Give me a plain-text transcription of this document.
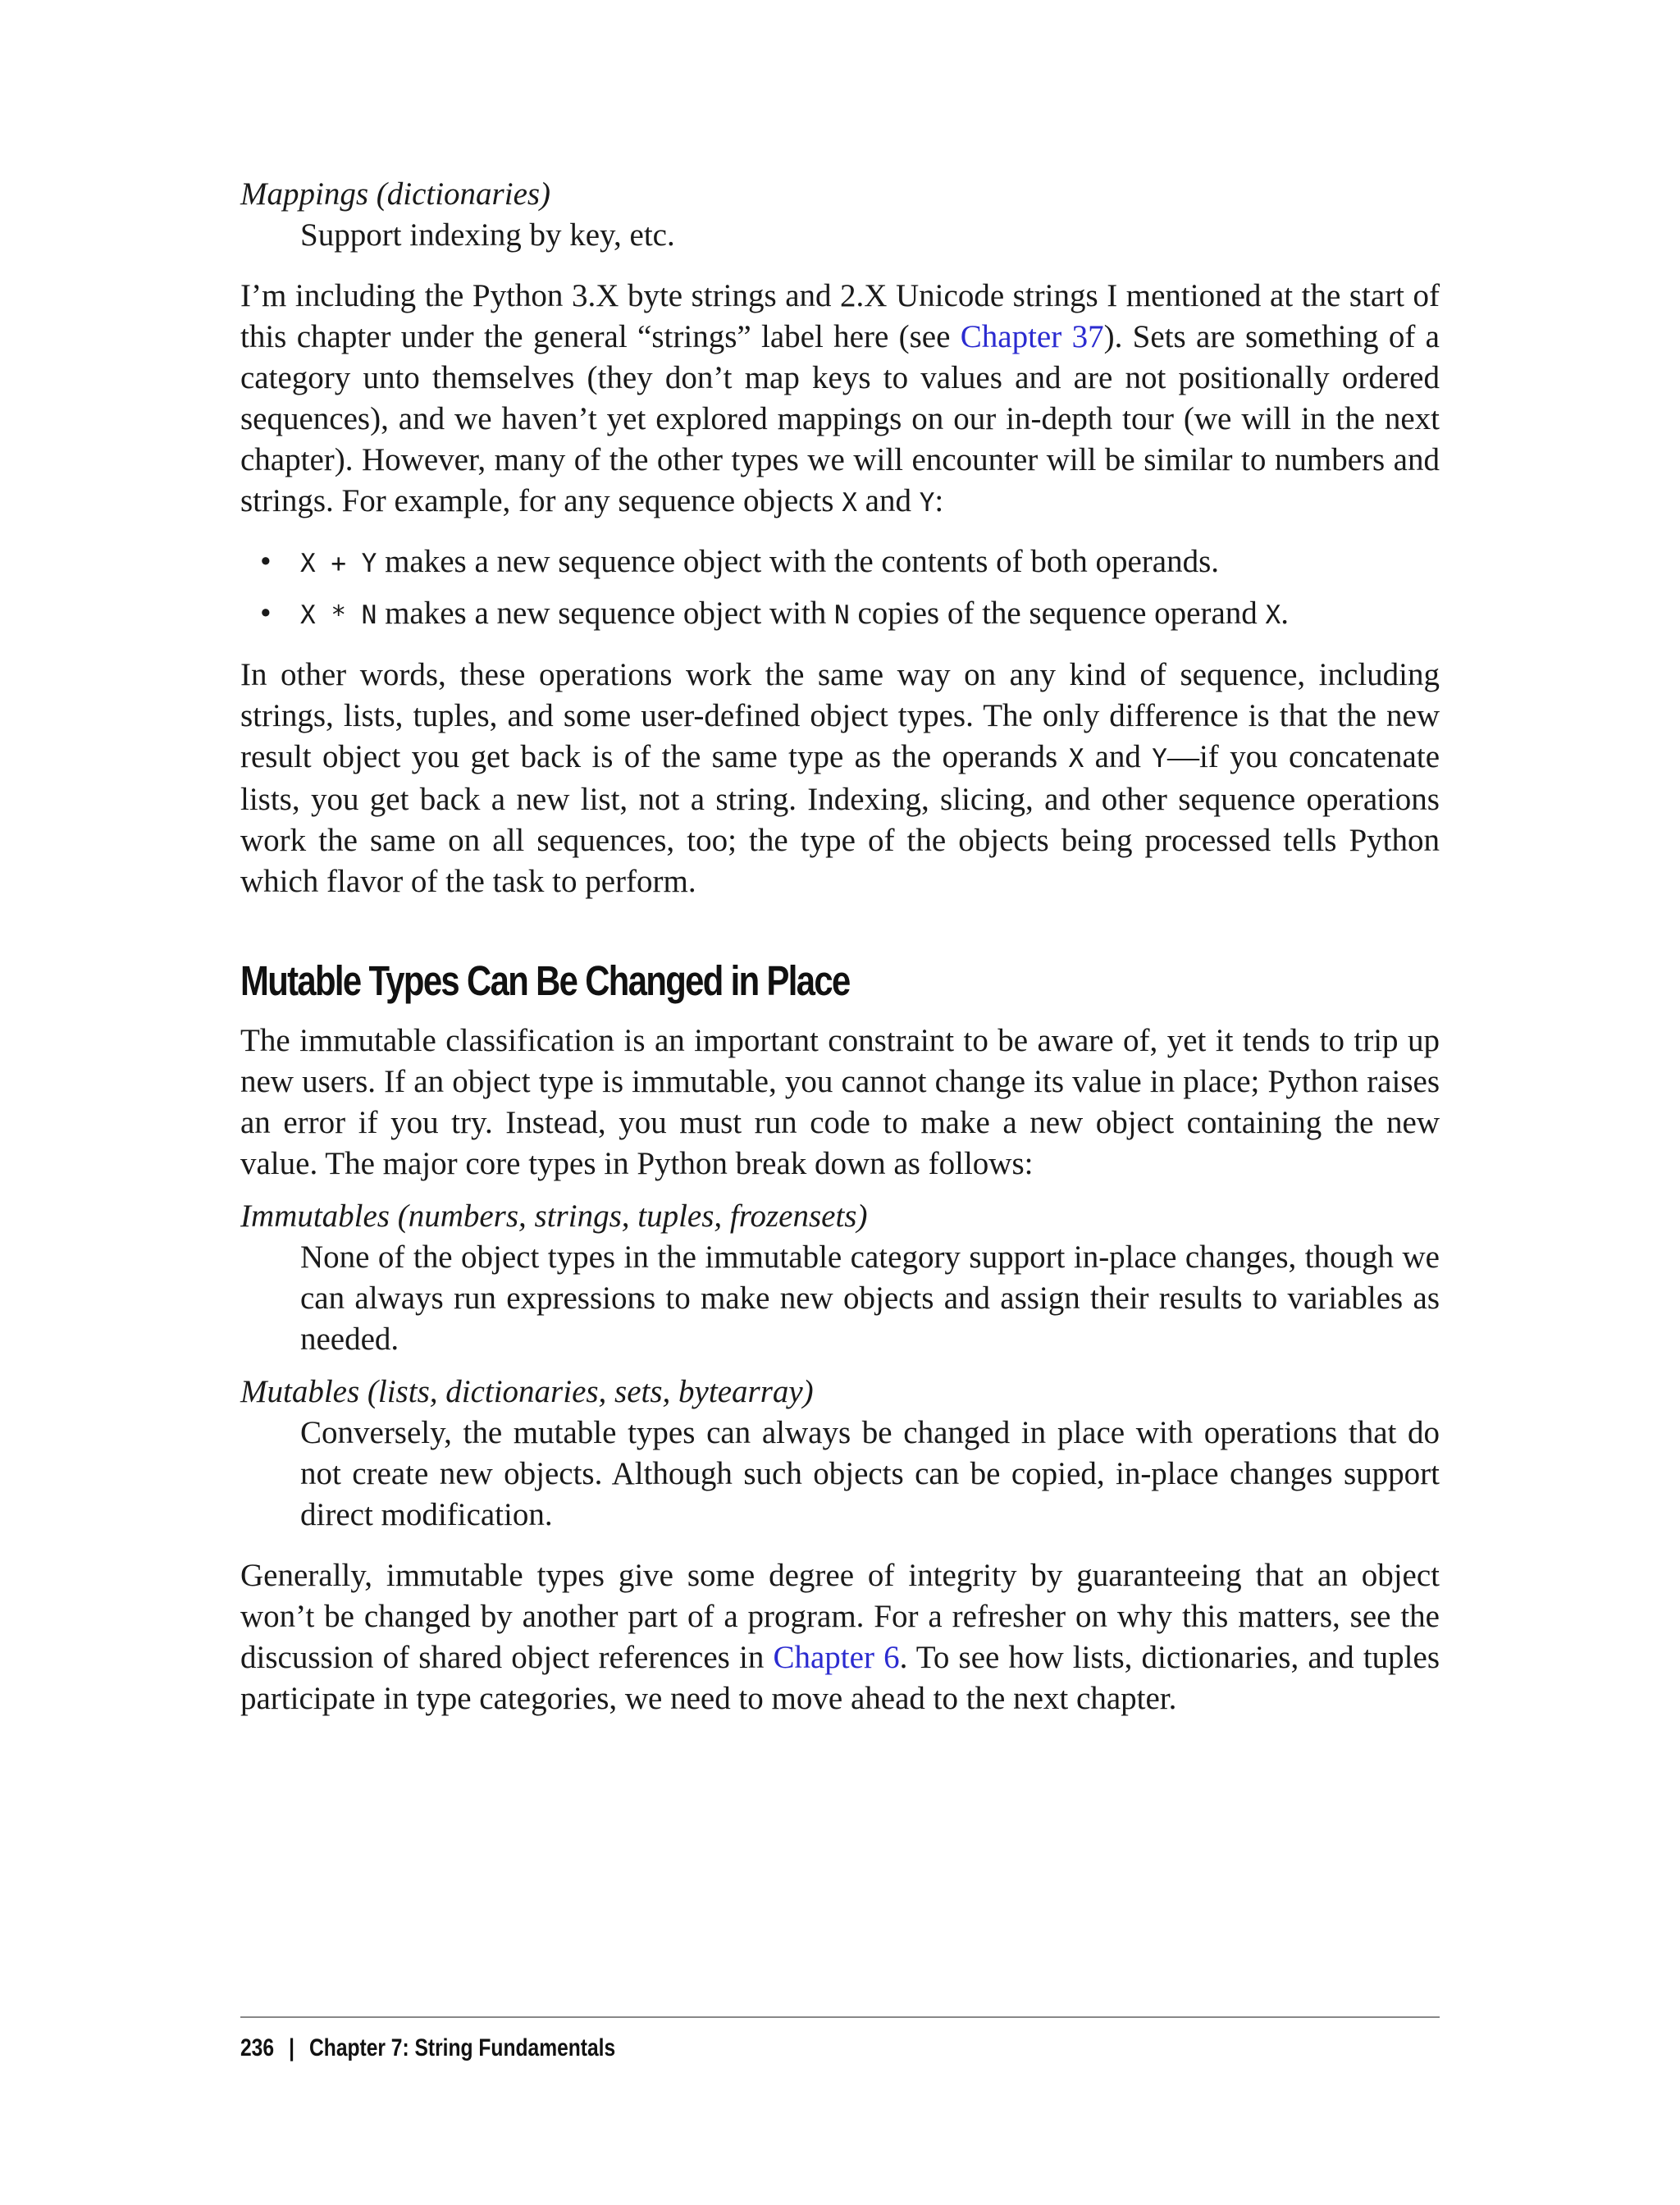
Mappings (dictionaries)
Support indexing by key, etc.

I’m including the Python 3.X byte strings and 2.X Unicode strings I mentioned at the start of this chapter under the general “strings” label here (see Chapter 37). Sets are something of a category unto themselves (they don’t map keys to values and are not positionally ordered sequences), and we haven’t yet explored mappings on our in-depth tour (we will in the next chapter). However, many of the other types we will encounter will be similar to numbers and strings. For example, for any sequence objects X and Y:

• X + Y makes a new sequence object with the contents of both operands.
• X * N makes a new sequence object with N copies of the sequence operand X.

In other words, these operations work the same way on any kind of sequence, including strings, lists, tuples, and some user-defined object types. The only difference is that the new result object you get back is of the same type as the operands X and Y—if you concatenate lists, you get back a new list, not a string. Indexing, slicing, and other sequence operations work the same on all sequences, too; the type of the objects being processed tells Python which flavor of the task to perform.

Mutable Types Can Be Changed in Place

The immutable classification is an important constraint to be aware of, yet it tends to trip up new users. If an object type is immutable, you cannot change its value in place; Python raises an error if you try. Instead, you must run code to make a new object containing the new value. The major core types in Python break down as follows:

Immutables (numbers, strings, tuples, frozensets)
None of the object types in the immutable category support in-place changes, though we can always run expressions to make new objects and assign their results to variables as needed.
Mutables (lists, dictionaries, sets, bytearray)
Conversely, the mutable types can always be changed in place with operations that do not create new objects. Although such objects can be copied, in-place changes support direct modification.

Generally, immutable types give some degree of integrity by guaranteeing that an object won’t be changed by another part of a program. For a refresher on why this matters, see the discussion of shared object references in Chapter 6. To see how lists, dictionaries, and tuples participate in type categories, we need to move ahead to the next chapter.

236 | Chapter 7: String Fundamentals
